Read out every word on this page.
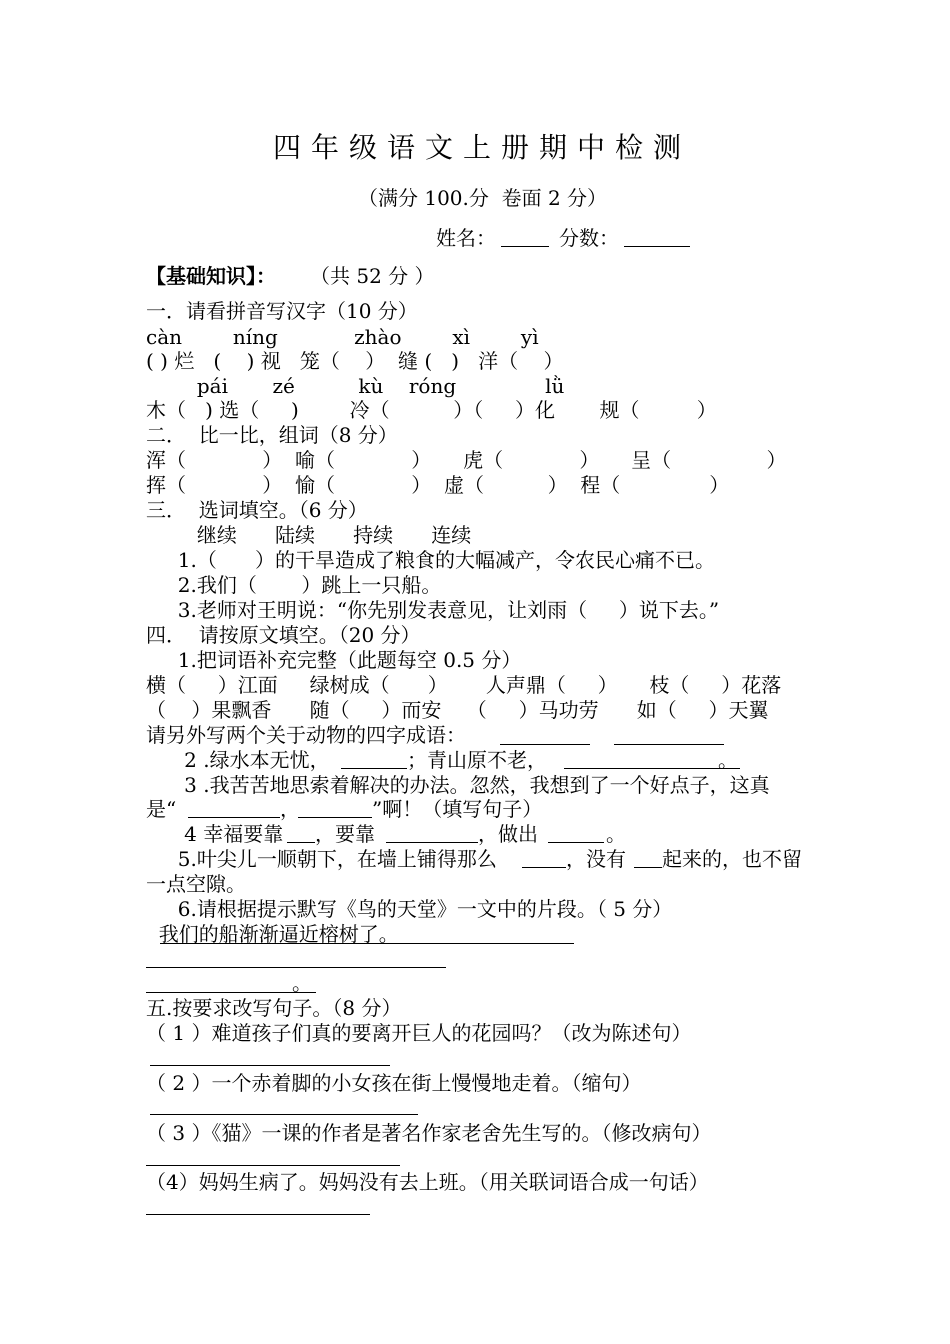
四年级语文上册期中检测
（满分 100.分  卷面 2 分）
姓名：	分数：
【基础知识】： （共 52 分 ）
一．请看拼音写汉字（10 分）
càn        níng            zhào        xì        yì
( ) 烂   (    ) 视   笼（    ）  缝 (   )   洋（    ）
pái       zé          kù    róng              lǜ
木（   ) 选（     )        冷（          ）（     ）化       规（         ）
二．  比一比，组词（8 分）
浑（            ）  喻（            ）     虎（            ）     呈（               ）
挥（            ）  愉（            ）  虚（          ）  程（              ）
三．  选词填空。（6 分）
继续      陆续      持续      连续
1.（      ）的干旱造成了粮食的大幅减产，令农民心痛不已。
2.我们（       ）跳上一只船。
3.老师对王明说：“你先别发表意见，让刘雨（     ）说下去。”
四．  请按原文填空。（20 分）
1.把词语补充完整（此题每空 0.5 分）
横（     ）江面     绿树成（      ）      人声鼎（     ）     枝（     ）花落
（    ）果飘香      随（     ）而安    （     ）马功劳      如（     ）天翼
请另外写两个关于动物的四字成语：
2 .绿水本无忧，	；青山原不老，	。
3 .我苦苦地思索着解决的办法。忽然，我想到了一个好点子，这真
是“	，	”啊！（填写句子）
4 幸福要靠 ，要靠	，做出	。
5.叶尖儿一顺朝下，在墙上铺得那么	，没有 起来的，也不留
一点空隙。
6.请根据提示默写《鸟的天堂》一文中的片段。（ 5 分）
我们的船渐渐逼近榕树了。
。
五.按要求改写句子。（8 分）
（ 1 ）难道孩子们真的要离开巨人的花园吗？（改为陈述句）
（ 2 ）一个赤着脚的小女孩在街上慢慢地走着。（缩句）
（ 3 ）《猫》一课的作者是著名作家老舍先生写的。（修改病句）
（4）妈妈生病了。妈妈没有去上班。（用关联词语合成一句话）
